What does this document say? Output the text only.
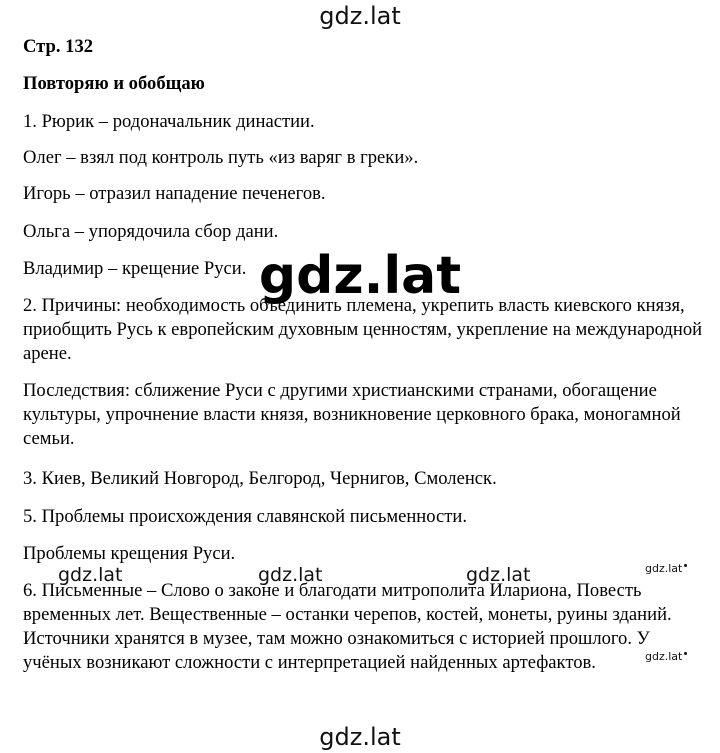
gdz.lat
Стр. 132
Повторяю и обобщаю
1. Рюрик – родоначальник династии.
Олег – взял под контроль путь «из варяг в греки».
Игорь – отразил нападение печенегов.
Ольга – упорядочила сбор дани.
Владимир – крещение Руси.
2. Причины: необходимость объединить племена, укрепить власть киевского князя, приобщить Русь к европейским духовным ценностям, укрепление на международной арене.
Последствия: сближение Руси с другими христианскими странами, обогащение культуры, упрочнение власти князя, возникновение церковного брака, моногамной семьи.
3. Киев, Великий Новгород, Белгород, Чернигов, Смоленск.
5. Проблемы происхождения славянской письменности.
Проблемы крещения Руси.
6. Письменные – Слово о законе и благодати митрополита Илариона, Повесть временных лет. Вещественные – останки черепов, костей, монеты, руины зданий. Источники хранятся в музее, там можно ознакомиться с историей прошлого. У учёных возникают сложности с интерпретацией найденных артефактов.
gdz.lat
gdz.lat	gdz.lat	gdz.lat	gdz.lat
gdz.lat
gdz.lat
